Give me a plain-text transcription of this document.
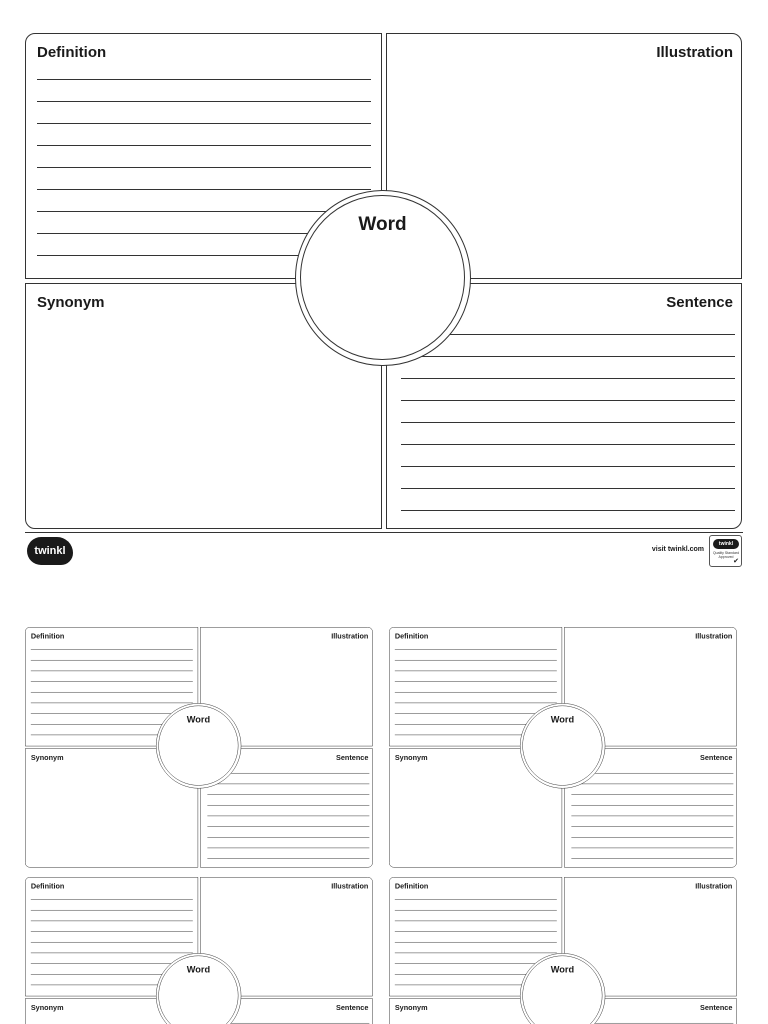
Definition	Illustration
Synonym	Sentence
Word
twinkl	visit twinkl.com
twinkl
Quality Standard Approved
✔
Definition	Illustration
Synonym	Sentence
Word
Definition	Illustration
Synonym	Sentence
Word
Definition	Illustration
Synonym	Sentence
Word
Definition	Illustration
Synonym	Sentence
Word
